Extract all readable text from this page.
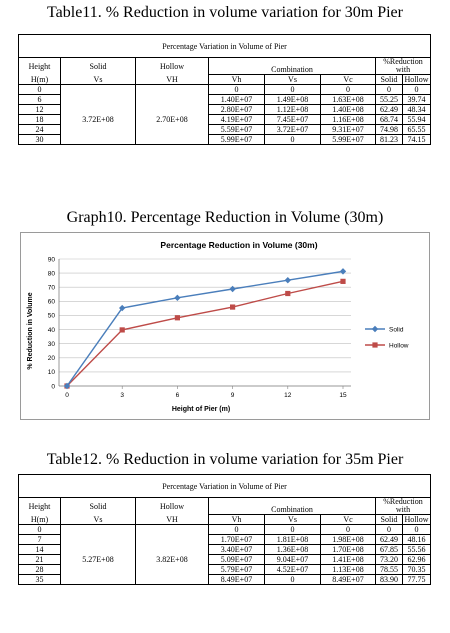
Table11. % Reduction in volume variation for 30m Pier
Percentage Variation in Volume of Pier							
Height	Solid	Hollow	Combination			%Reduction
with	

H(m)	Vs	VH	Vh	Vs	Vc	Solid	Hollow
0			0	0	0	0	0
6	3.72E+08	2.70E+08	1.40E+07	1.49E+08	1.63E+08	55.25	39.74
12			2.80E+07	1.12E+08	1.40E+08	62.49	48.34
18			4.19E+07	7.45E+07	1.16E+08	68.74	55.94
24			5.59E+07	3.72E+07	9.31E+07	74.98	65.55
30			5.99E+07	0	5.99E+07	81.23	74.15
Graph10. Percentage Reduction in Volume (30m)
Percentage Reduction in Volume (30m)
% Reduction in Volume
Height of Pier (m)
0
10
20
30
40
50
60
70
80
90
0	3	6	9	12	15
Solid
Hollow
Table12. % Reduction in volume variation for 35m Pier
Percentage Variation in Volume of Pier							
Height	Solid	Hollow	Combination			%Reduction
with	

H(m)	Vs	VH	Vh	Vs	Vc	Solid	Hollow
0			0	0	0	0	0
7	5.27E+08	3.82E+08	1.70E+07	1.81E+08	1.98E+08	62.49	48.16
14			3.40E+07	1.36E+08	1.70E+08	67.85	55.56
21			5.09E+07	9.04E+07	1.41E+08	73.20	62.96
28			5.79E+07	4.52E+07	1.13E+08	78.55	70.35
35			8.49E+07	0	8.49E+07	83.90	77.75
